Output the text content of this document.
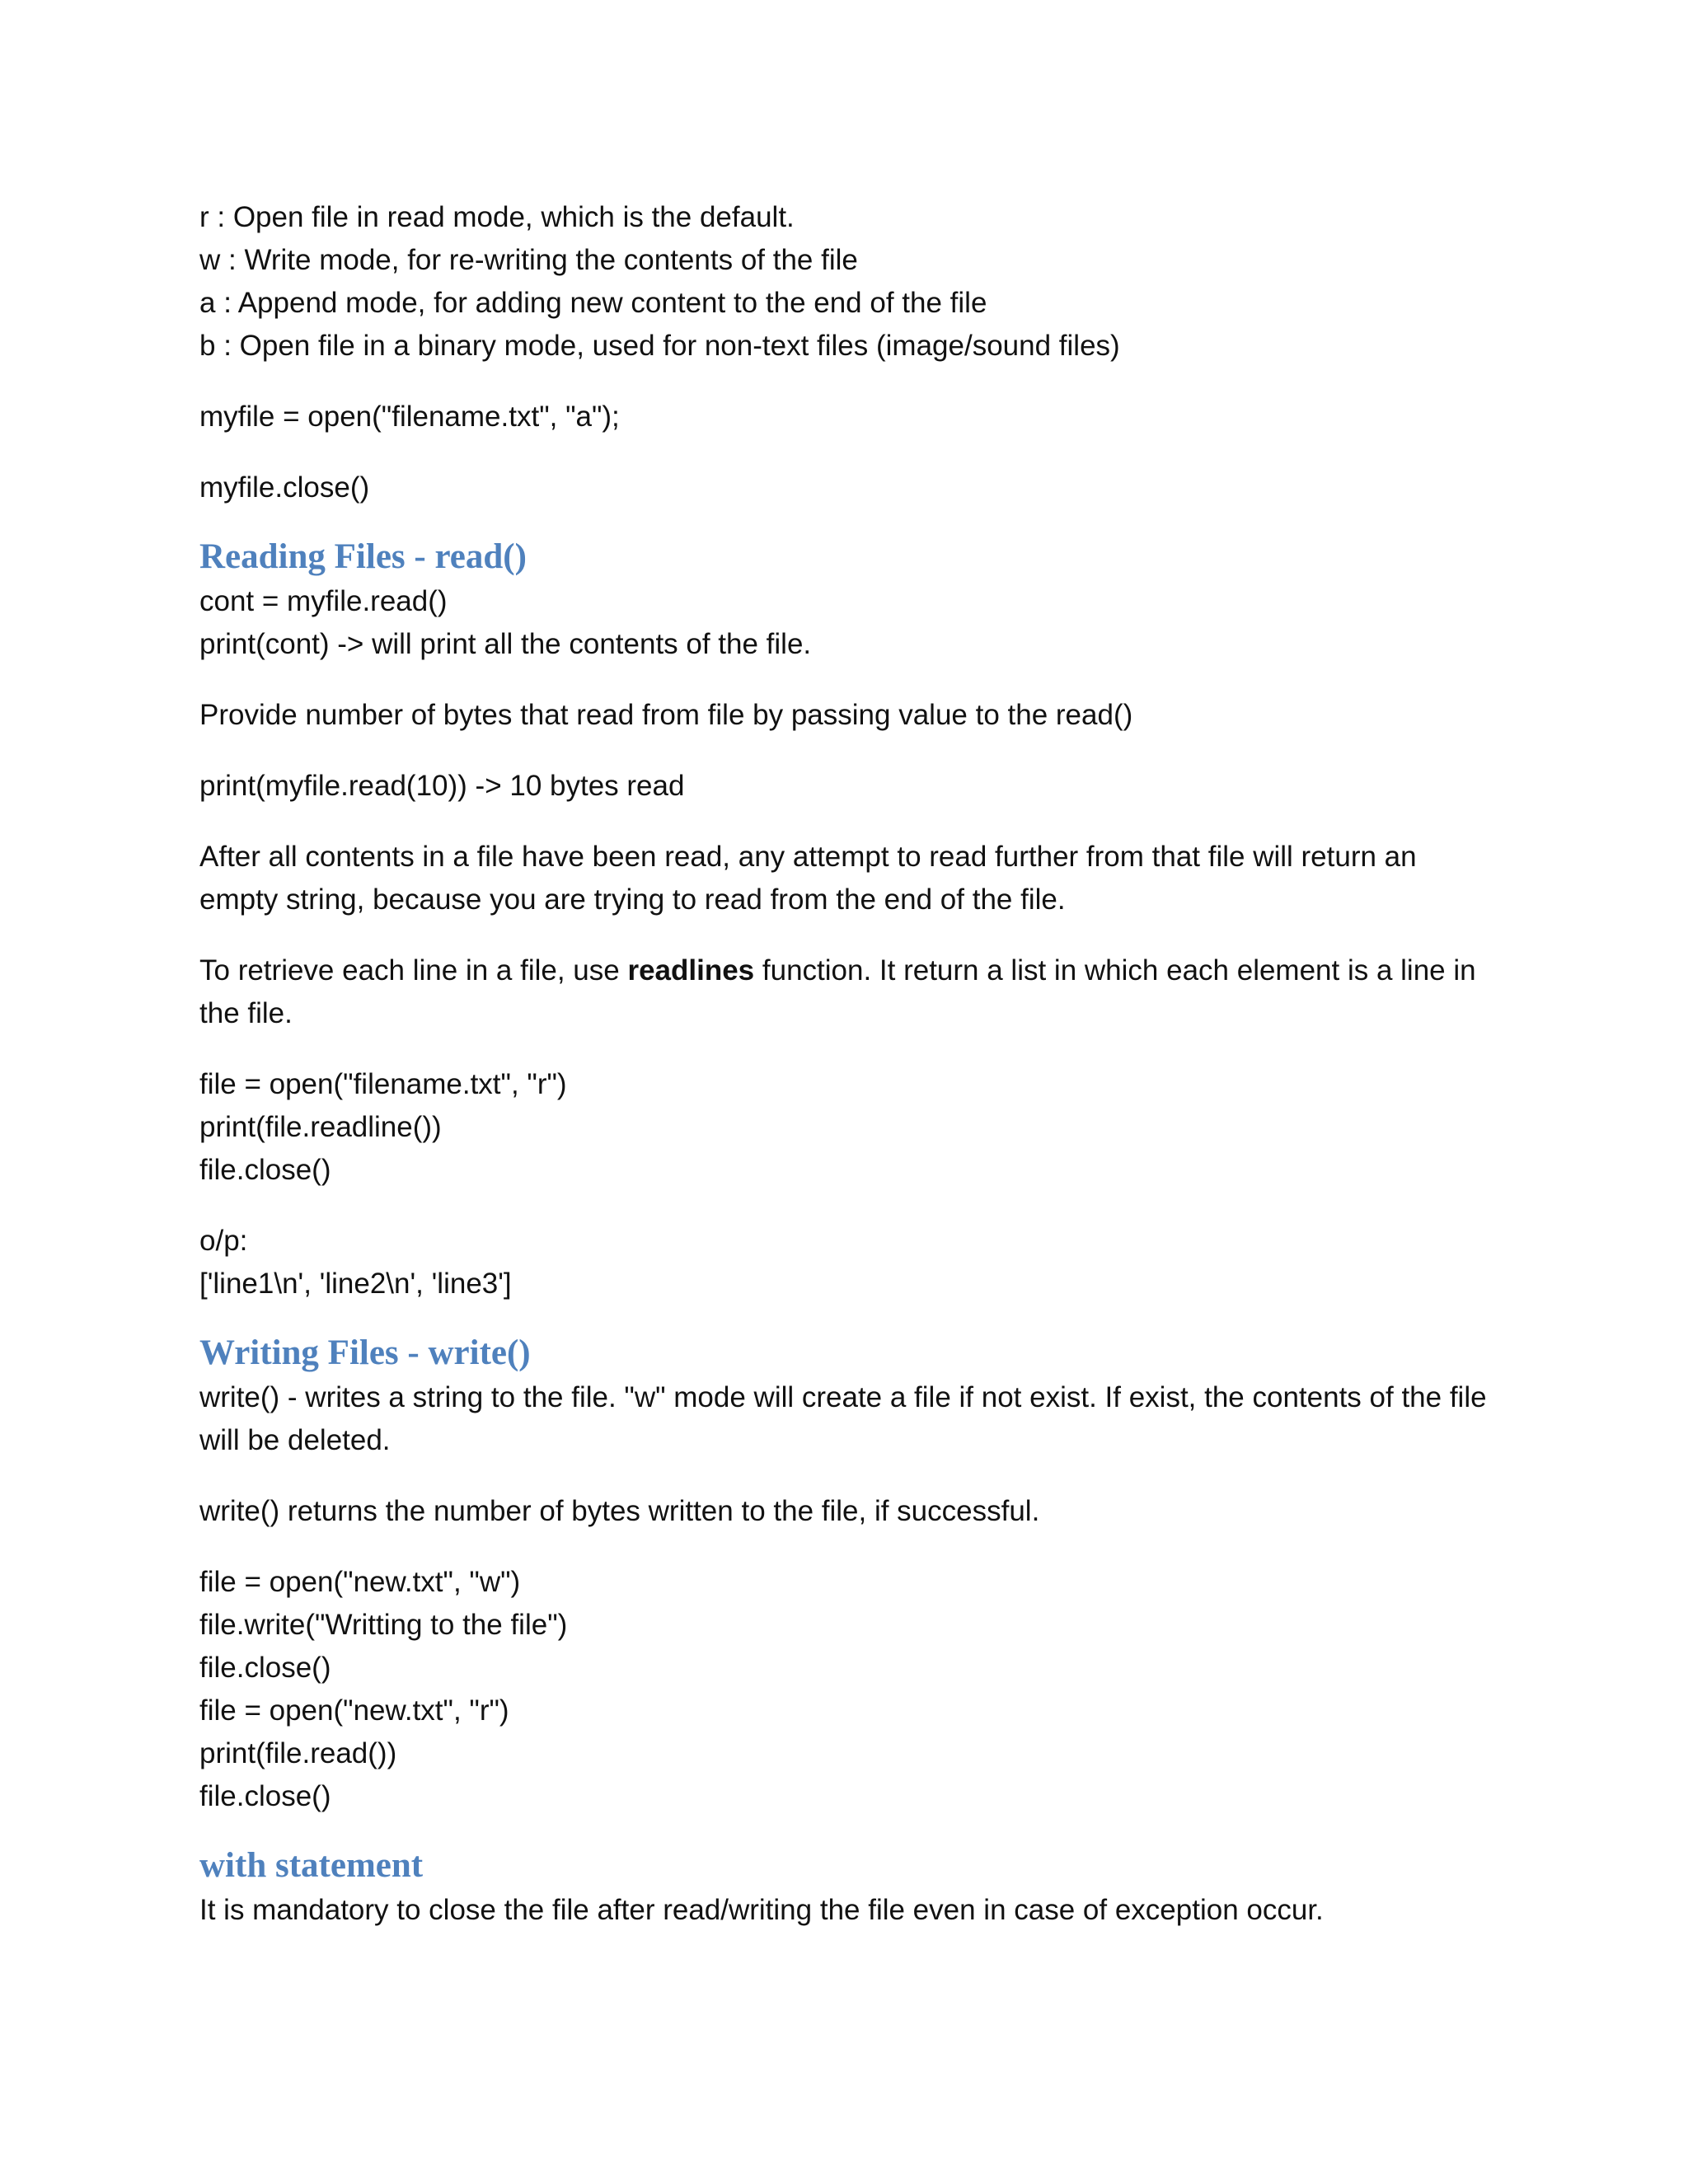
r : Open file in read mode, which is the default.

w : Write mode, for re-writing the contents of the file

a : Append mode, for adding new content to the end of the file

b : Open file in a binary mode, used for non-text files (image/sound files)

myfile = open("filename.txt", "a");

myfile.close()

Reading Files - read()

cont = myfile.read()

print(cont) -> will print all the contents of the file.

Provide number of bytes that read from file by passing value to the read()

print(myfile.read(10)) -> 10 bytes read

After all contents in a file have been read, any attempt to read further from that file will return an empty string, because you are trying to read from the end of the file.

To retrieve each line in a file, use readlines function. It return a list in which each element is a line in the file.

file = open("filename.txt", "r")

print(file.readline())

file.close()

o/p:

['line1\n', 'line2\n', 'line3']

Writing Files - write()

write() - writes a string to the file. "w" mode will create a file if not exist. If exist, the contents of the file will be deleted.

write() returns the number of bytes written to the file, if successful.

file = open("new.txt", "w")

file.write("Writting to the file")

file.close()

file = open("new.txt", "r")

print(file.read())

file.close()

with statement

It is mandatory to close the file after read/writing the file even in case of exception occur.
